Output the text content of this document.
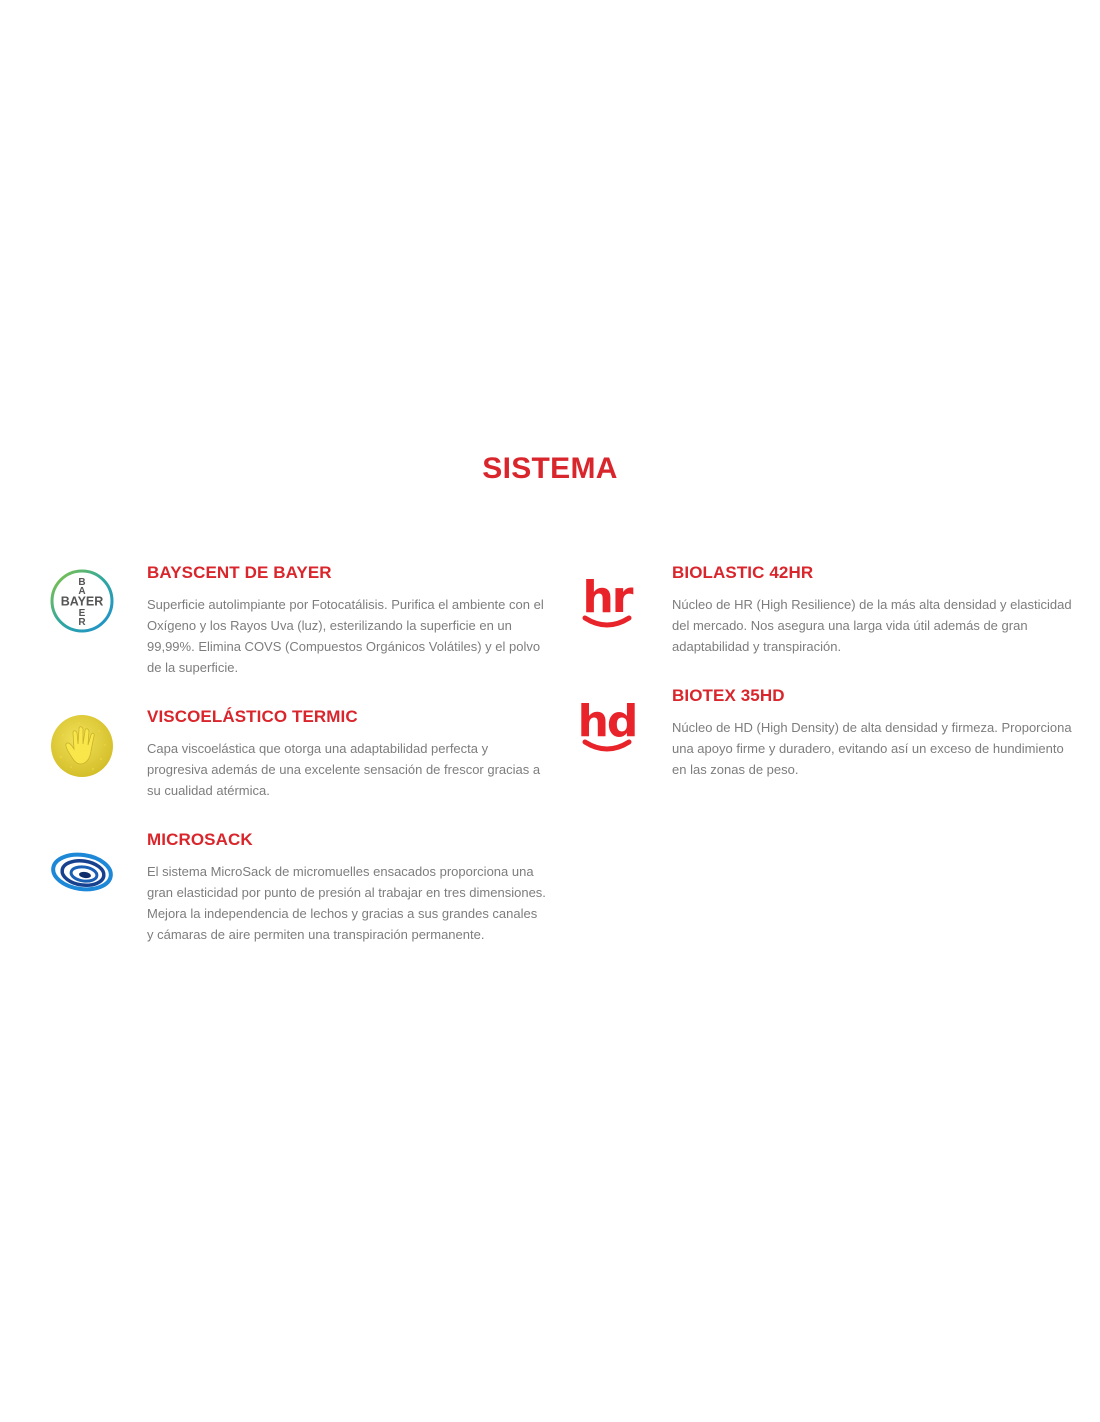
SISTEMA
BAYER
B
A
E
R
BAYSCENT DE BAYER

Superficie autolimpiante por Fotocatálisis. Purifica el ambiente con el Oxígeno y los Rayos Uva (luz), esterilizando la superficie en un 99,99%. Elimina COVS (Compuestos Orgánicos Volátiles) y el polvo de la superficie.

VISCOELÁSTICO TERMIC

Capa viscoelástica que otorga una adaptabilidad perfecta y progresiva además de una excelente sensación de frescor gracias a su cualidad atérmica.

MICROSACK

El sistema MicroSack de micromuelles ensacados proporciona una gran elasticidad por punto de presión al trabajar en tres dimensiones. Mejora la independencia de lechos y gracias a sus grandes canales y cámaras de aire permiten una transpiración permanente.

hr BIOLASTIC 42HR

Núcleo de HR (High Resilience) de la más alta densidad y elasticidad del mercado. Nos asegura una larga vida útil además de gran adaptabilidad y transpiración.

hd
BIOTEX 35HD

Núcleo de HD (High Density) de alta densidad y firmeza. Proporciona una apoyo firme y duradero, evitando así un exceso de hundimiento en las zonas de peso.
